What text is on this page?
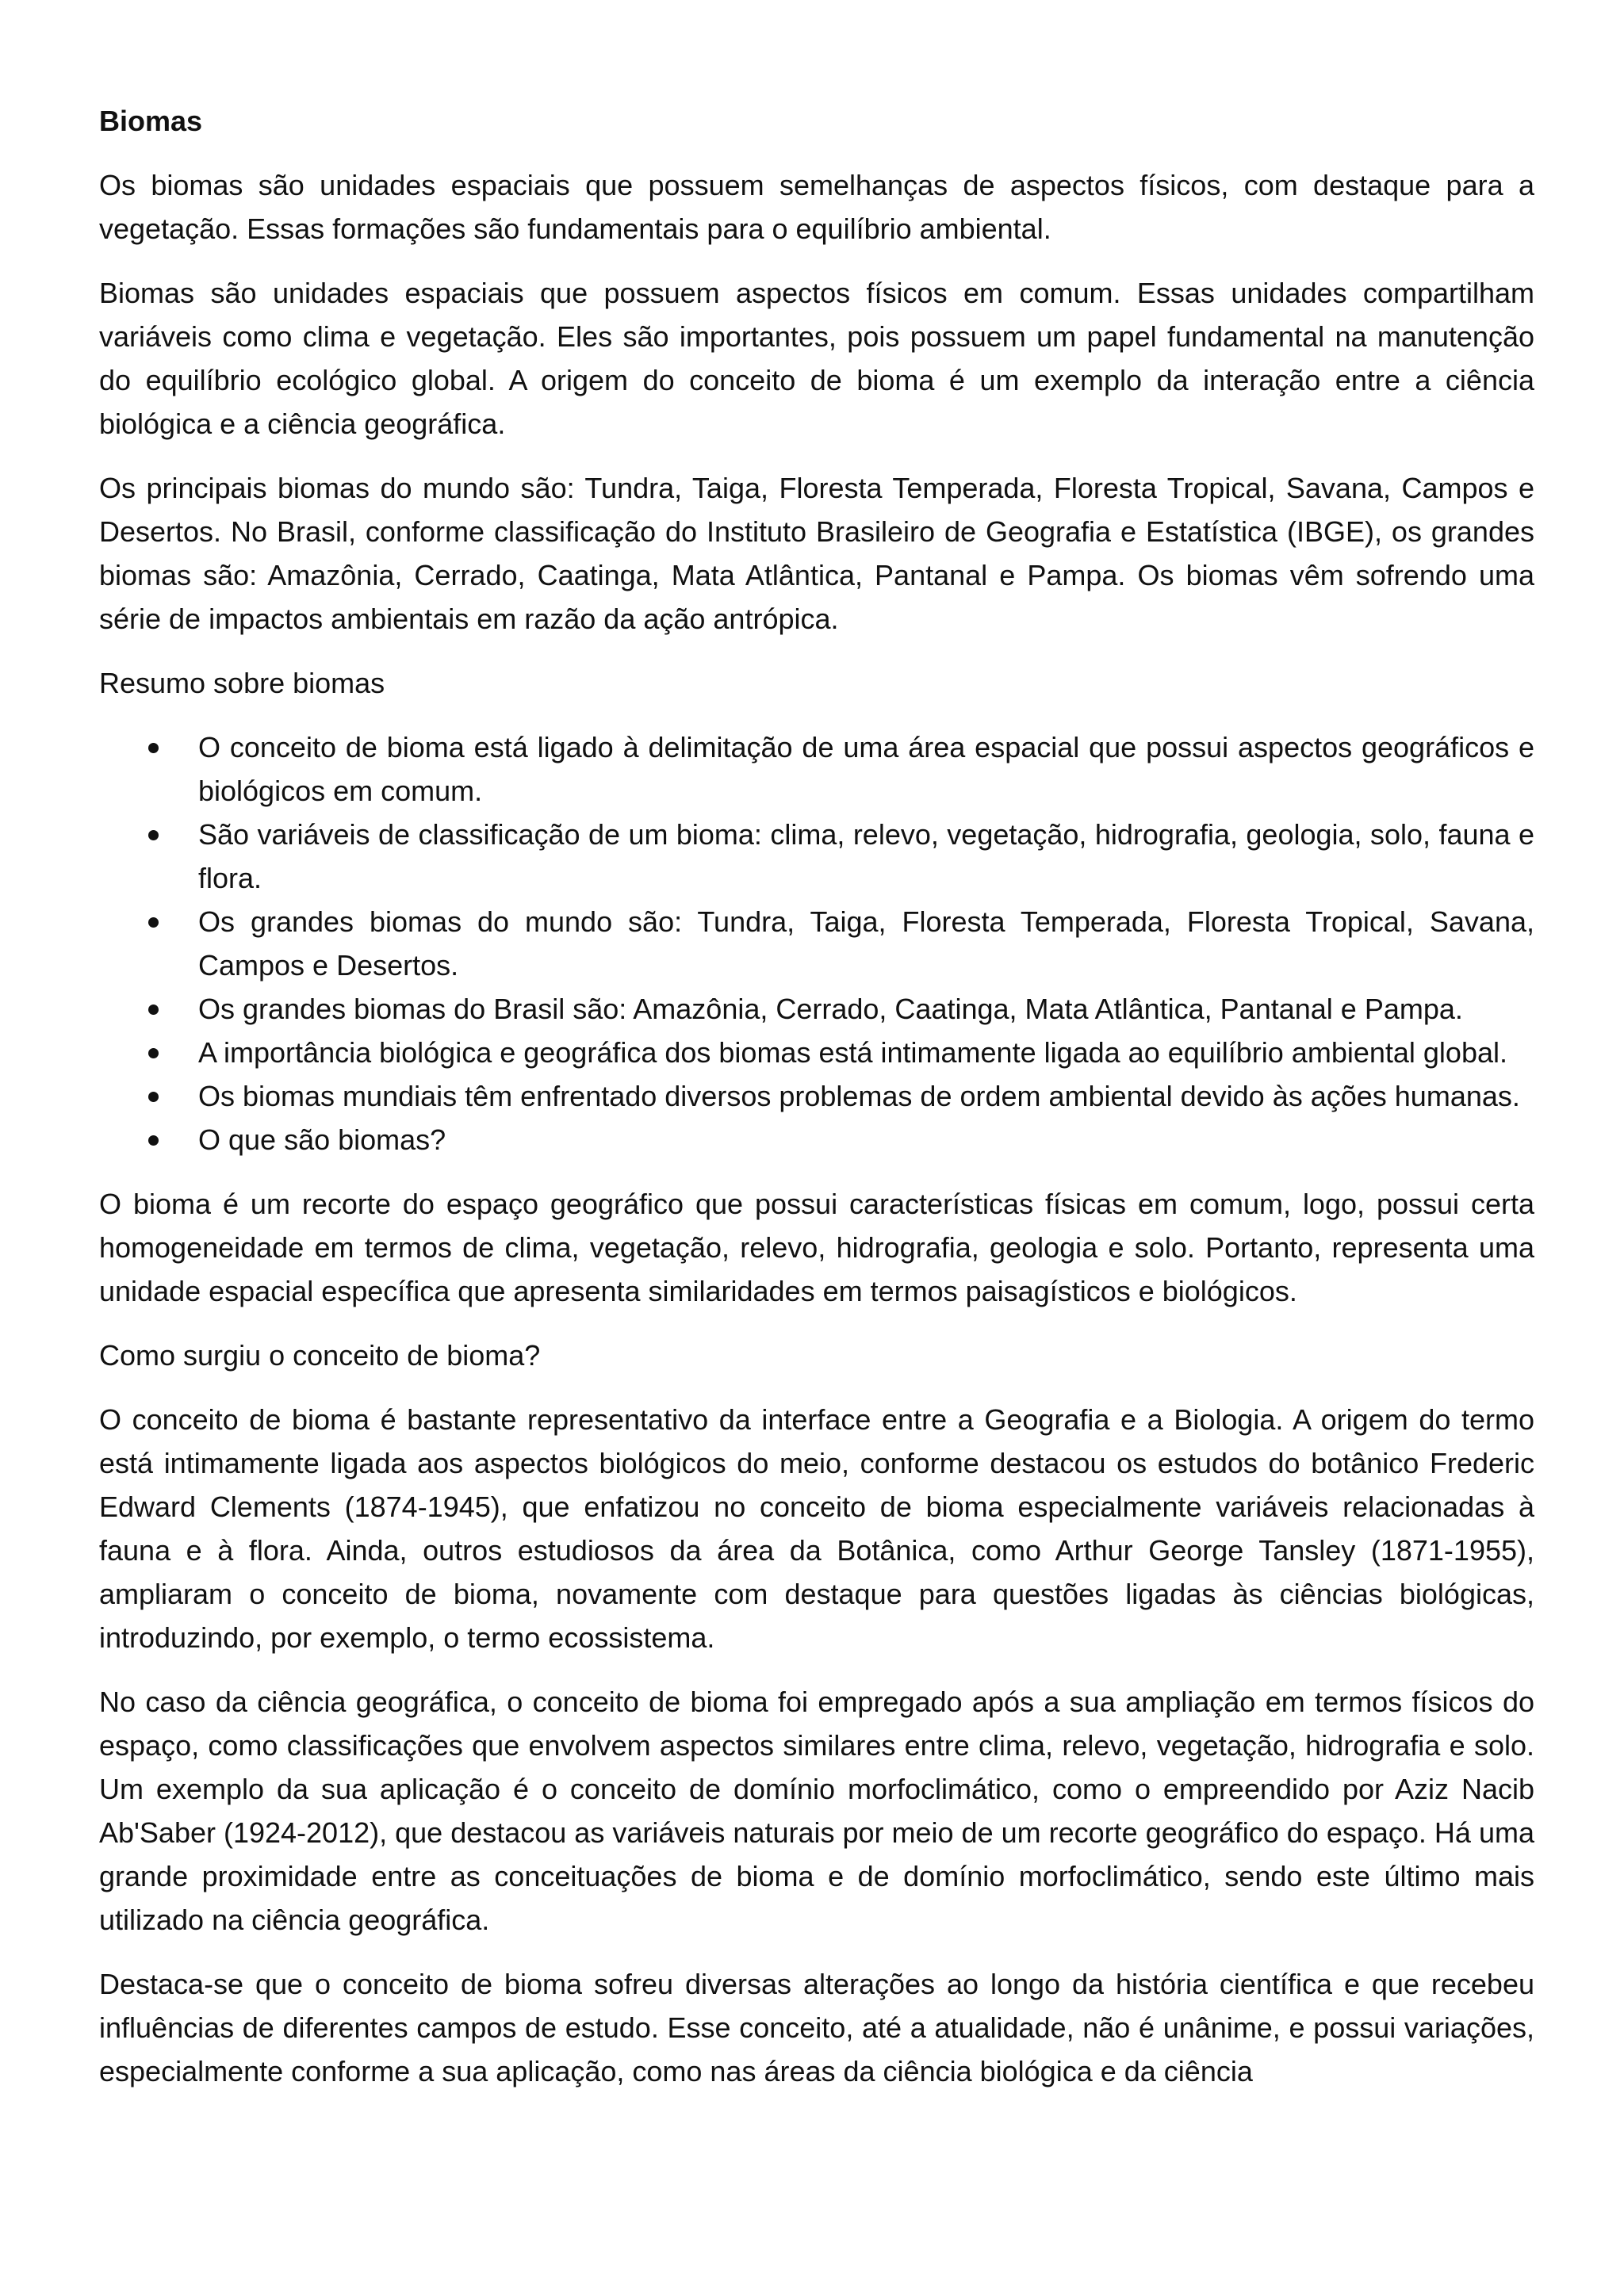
Biomas

Os biomas são unidades espaciais que possuem semelhanças de aspectos físicos, com destaque para a vegetação. Essas formações são fundamentais para o equilíbrio ambiental.

Biomas são unidades espaciais que possuem aspectos físicos em comum. Essas unidades compartilham variáveis como clima e vegetação. Eles são importantes, pois possuem um papel fundamental na manutenção do equilíbrio ecológico global. A origem do conceito de bioma é um exemplo da interação entre a ciência biológica e a ciência geográfica.

Os principais biomas do mundo são: Tundra, Taiga, Floresta Temperada, Floresta Tropical, Savana, Campos e Desertos. No Brasil, conforme classificação do Instituto Brasileiro de Geografia e Estatística (IBGE), os grandes biomas são: Amazônia, Cerrado, Caatinga, Mata Atlântica, Pantanal e Pampa. Os biomas vêm sofrendo uma série de impactos ambientais em razão da ação antrópica.

Resumo sobre biomas

O conceito de bioma está ligado à delimitação de uma área espacial que possui aspectos geográficos e biológicos em comum.
São variáveis de classificação de um bioma: clima, relevo, vegetação, hidrografia, geologia, solo, fauna e flora.
Os grandes biomas do mundo são: Tundra, Taiga, Floresta Temperada, Floresta Tropical, Savana, Campos e Desertos.
Os grandes biomas do Brasil são: Amazônia, Cerrado, Caatinga, Mata Atlântica, Pantanal e Pampa.
A importância biológica e geográfica dos biomas está intimamente ligada ao equilíbrio ambiental global.
Os biomas mundiais têm enfrentado diversos problemas de ordem ambiental devido às ações humanas.
O que são biomas?

O bioma é um recorte do espaço geográfico que possui características físicas em comum, logo, possui certa homogeneidade em termos de clima, vegetação, relevo, hidrografia, geologia e solo. Portanto, representa uma unidade espacial específica que apresenta similaridades em termos paisagísticos e biológicos.

Como surgiu o conceito de bioma?

O conceito de bioma é bastante representativo da interface entre a Geografia e a Biologia. A origem do termo está intimamente ligada aos aspectos biológicos do meio, conforme destacou os estudos do botânico Frederic Edward Clements (1874-1945), que enfatizou no conceito de bioma especialmente variáveis relacionadas à fauna e à flora. Ainda, outros estudiosos da área da Botânica, como Arthur George Tansley (1871-1955), ampliaram o conceito de bioma, novamente com destaque para questões ligadas às ciências biológicas, introduzindo, por exemplo, o termo ecossistema.

No caso da ciência geográfica, o conceito de bioma foi empregado após a sua ampliação em termos físicos do espaço, como classificações que envolvem aspectos similares entre clima, relevo, vegetação, hidrografia e solo. Um exemplo da sua aplicação é o conceito de domínio morfoclimático, como o empreendido por Aziz Nacib Ab'Saber (1924-2012), que destacou as variáveis naturais por meio de um recorte geográfico do espaço. Há uma grande proximidade entre as conceituações de bioma e de domínio morfoclimático, sendo este último mais utilizado na ciência geográfica.

Destaca-se que o conceito de bioma sofreu diversas alterações ao longo da história científica e que recebeu influências de diferentes campos de estudo. Esse conceito, até a atualidade, não é unânime, e possui variações, especialmente conforme a sua aplicação, como nas áreas da ciência biológica e da ciência
